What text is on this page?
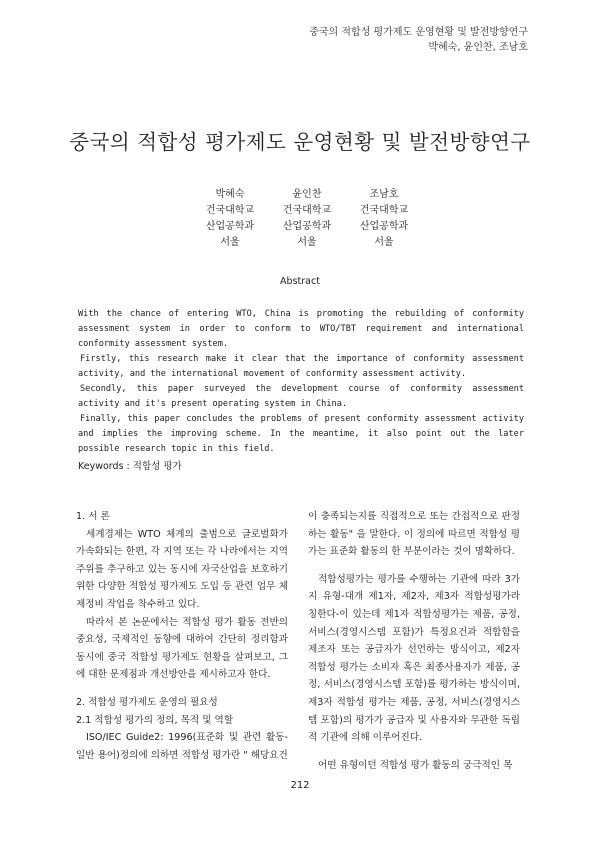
중국의 적합성 평가제도 운영현황 및 발전방향연구
박혜숙, 윤인찬, 조남호
중국의 적합성 평가제도 운영현황 및 발전방향연구
박혜숙
건국대학교
산업공학과
서울
윤인찬
건국대학교
산업공학과
서울
조남호
건국대학교
산업공학과
서울
Abstract

With the chance of entering WTO, China is promoting the rebuilding of conformity assessment system in order to conform to WTO/TBT requirement and international conformity assessment system.

Firstly, this research make it clear that the importance of conformity assessment activity, and the international movement of conformity assessment activity.

Secondly, this paper surveyed the development course of conformity assessment activity and it's present operating system in China.

Finally, this paper concludes the problems of present conformity assessment activity and implies the improving scheme. In the meantime, it also point out the later possible research topic in this field.

Keywords : 적합성 평가

1. 서 론

세계경제는 WTO 체계의 출범으로 글로벌화가 가속화되는 한편, 각 지역 또는 각 나라에서는 지역주위를 추구하고 있는 동시에 자국산업을 보호하기 위한 다양한 적합성 평가제도 도입 등 관련 업무 체제정비 작업을 착수하고 있다.

따라서 본 논문에서는 적합성 평가 활동 전반의 중요성, 국제적인 동향에 대하여 간단히 정리함과 동시에 중국 적합성 평가제도 현황을 살펴보고, 그에 대한 문제점과 개선방안을 제시하고자 한다.

2. 적합성 평가제도 운영의 필요성

2.1 적합성 평가의 정의, 목적 및 역할

ISO/IEC Guide2: 1996(표준화 및 관련 활동-일반 용어)정의에 의하면 적합성 평가란 " 해당요건

이 충족되는지를 직접적으로 또는 간접적으로 판정하는 활동" 을 말한다. 이 정의에 따르면 적합성 평가는 표준화 활동의 한 부분이라는 것이 명확하다.

적합성평가는 평가를 수행하는 기관에 따라 3가지 유형-대개 제1자, 제2자, 제3자 적합성평가라 칭한다-이 있는데 제1자 적합성평가는 제품, 공정, 서비스(경영시스템 포함)가 특정요건과 적합함을 제조자 또는 공급자가 선언하는 방식이고, 제2자 적합성 평가는 소비자 혹은 최종사용자가 제품, 공정, 서비스(경영시스템 포함)를 평가하는 방식이며, 제3자 적합성 평가는 제품, 공정, 서비스(경영시스템 포함)의 평가가 공급자 및 사용자와 무관한 독립적 기관에 의해 이루어진다.

어떤 유형이던 적합성 평가 활동의 궁극적인 목

212
